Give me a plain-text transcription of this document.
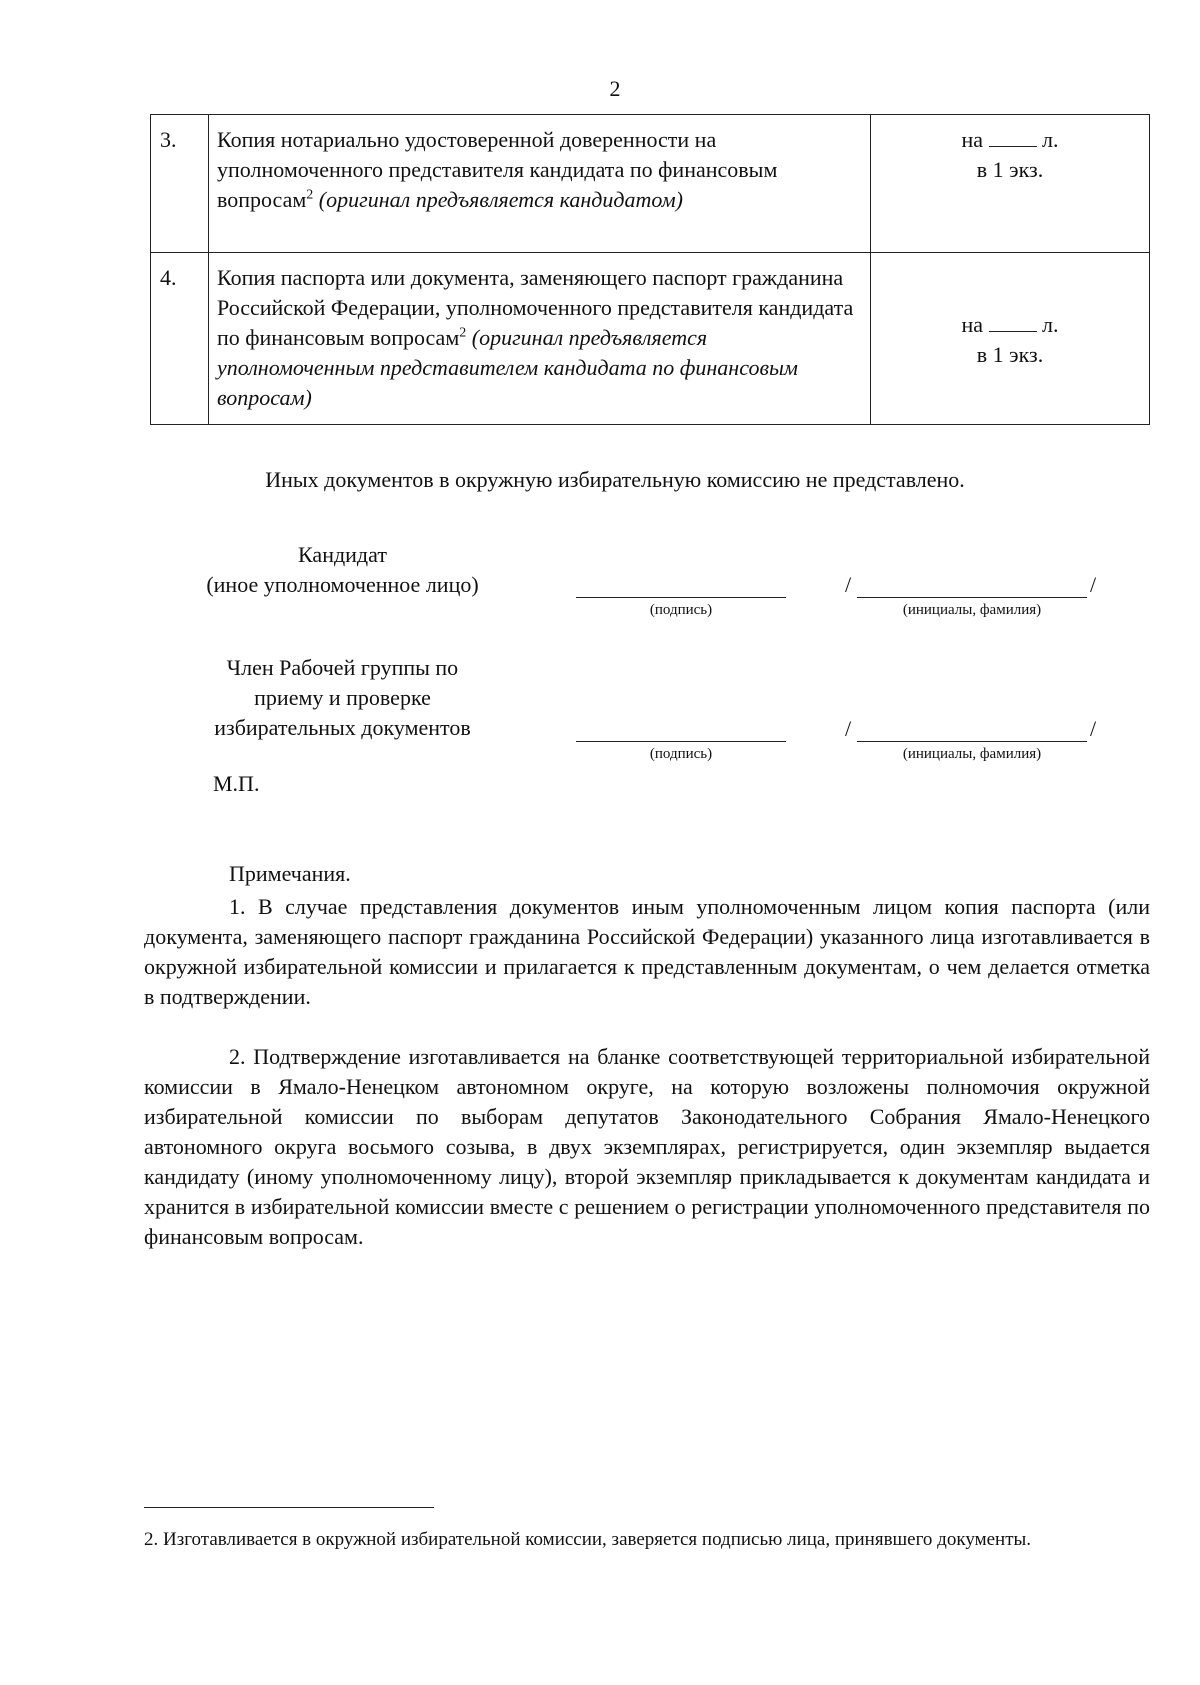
2
3.	Копия нотариально удостоверенной доверенности на уполномоченного представителя кандидата по финансовым вопросам$^2$ (оригинал предъявляется кандидатом)	на л.
в 1 экз.
4.	Копия паспорта или документа, заменяющего паспорт гражданина Российской Федерации, уполномоченного представителя кандидата по финансовым вопросам$^2$ (оригинал предъявляется уполномоченным представителем кандидата по финансовым вопросам)	на л.
в 1 экз.
Иных документов в окружную избирательную комиссию не представлено.
Кандидат
(иное уполномоченное лицо)
(подпись)
/	/
(инициалы, фамилия)
Член Рабочей группы по
приему и проверке
избирательных документов
(подпись)
/	/
(инициалы, фамилия)
М.П.
Примечания.
1. В случае представления документов иным уполномоченным лицом копия паспорта (или документа, заменяющего паспорт гражданина Российской Федерации) указанного лица изготавливается в окружной избирательной комиссии и прилагается к представленным документам, о чем делается отметка в подтверждении.
2. Подтверждение изготавливается на бланке соответствующей территориальной избирательной комиссии в Ямало-Ненецком автономном округе, на которую возложены полномочия окружной избирательной комиссии по выборам депутатов Законодательного Собрания Ямало-Ненецкого автономного округа восьмого созыва, в двух экземплярах, регистрируется, один экземпляр выдается кандидату (иному уполномоченному лицу), второй экземпляр прикладывается к документам кандидата и хранится в избирательной комиссии вместе с решением о регистрации уполномоченного представителя по финансовым вопросам.
2. Изготавливается в окружной избирательной комиссии, заверяется подписью лица, принявшего документы.
